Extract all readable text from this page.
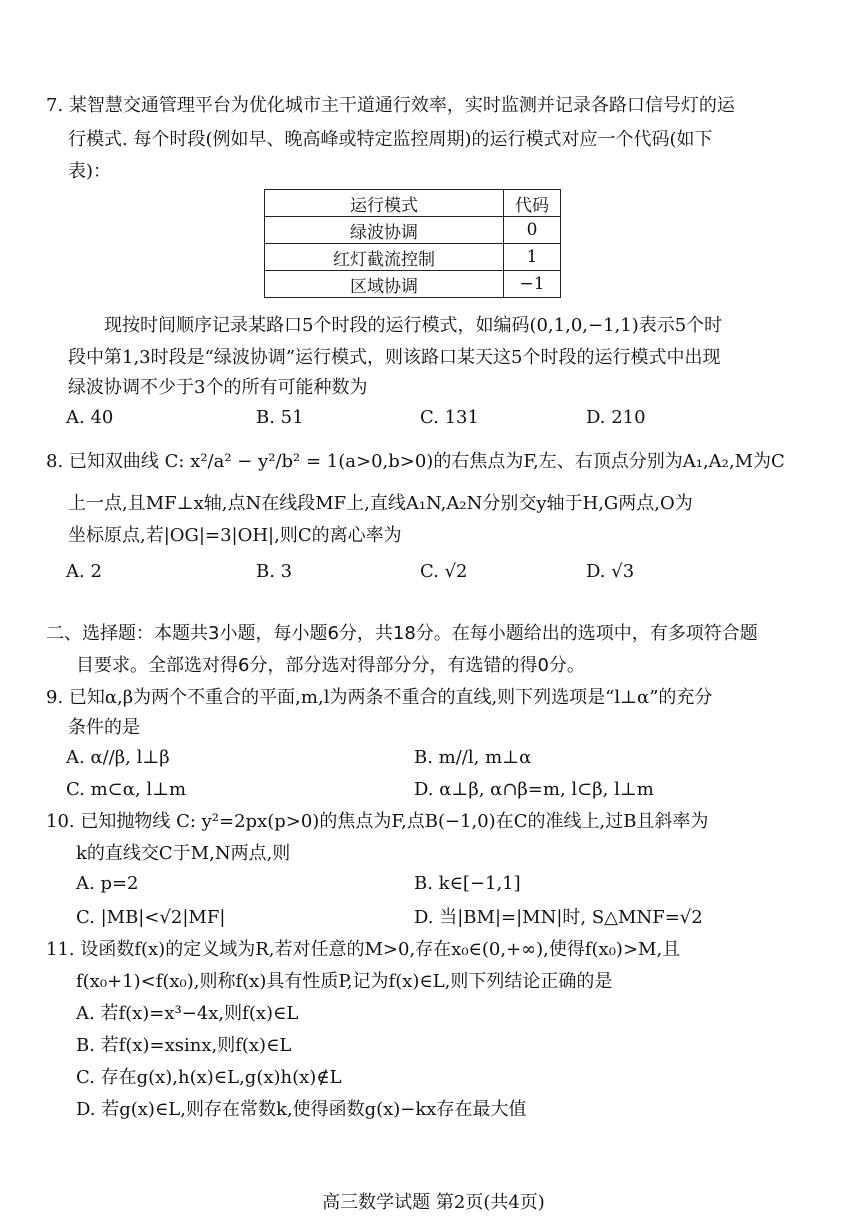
7. 某智慧交通管理平台为优化城市主干道通行效率，实时监测并记录各路口信号灯的运
行模式. 每个时段(例如早、晚高峰或特定监控周期)的运行模式对应一个代码(如下
表)：
运行模式	代码
绿波协调	0
红灯截流控制	1
区域协调	−1
现按时间顺序记录某路口5个时段的运行模式，如编码(0,1,0,−1,1)表示5个时
段中第1,3时段是“绿波协调”运行模式，则该路口某天这5个时段的运行模式中出现
绿波协调不少于3个的所有可能种数为
A. 40	B. 51	C. 131	D. 210
8. 已知双曲线 C: x²/a² − y²/b² = 1(a>0,b>0)的右焦点为F,左、右顶点分别为A₁,A₂,M为C
上一点,且MF⊥x轴,点N在线段MF上,直线A₁N,A₂N分别交y轴于H,G两点,O为
坐标原点,若|OG|=3|OH|,则C的离心率为
A. 2	B. 3	C. √2	D. √3
二、选择题：本题共3小题，每小题6分，共18分。在每小题给出的选项中，有多项符合题
目要求。全部选对得6分，部分选对得部分分，有选错的得0分。
9. 已知α,β为两个不重合的平面,m,l为两条不重合的直线,则下列选项是“l⊥α”的充分
条件的是
A. α//β, l⊥β	B. m//l, m⊥α
C. m⊂α, l⊥m	D. α⊥β, α∩β=m, l⊂β, l⊥m
10. 已知抛物线 C: y²=2px(p>0)的焦点为F,点B(−1,0)在C的准线上,过B且斜率为
k的直线交C于M,N两点,则
A. p=2	B. k∈[−1,1]
C. |MB|<√2|MF|	D. 当|BM|=|MN|时, S△MNF=√2
11. 设函数f(x)的定义域为R,若对任意的M>0,存在x₀∈(0,+∞),使得f(x₀)>M,且
f(x₀+1)<f(x₀),则称f(x)具有性质P,记为f(x)∈L,则下列结论正确的是
A. 若f(x)=x³−4x,则f(x)∈L
B. 若f(x)=xsinx,则f(x)∈L
C. 存在g(x),h(x)∈L,g(x)h(x)∉L
D. 若g(x)∈L,则存在常数k,使得函数g(x)−kx存在最大值
高三数学试题 第2页(共4页)
